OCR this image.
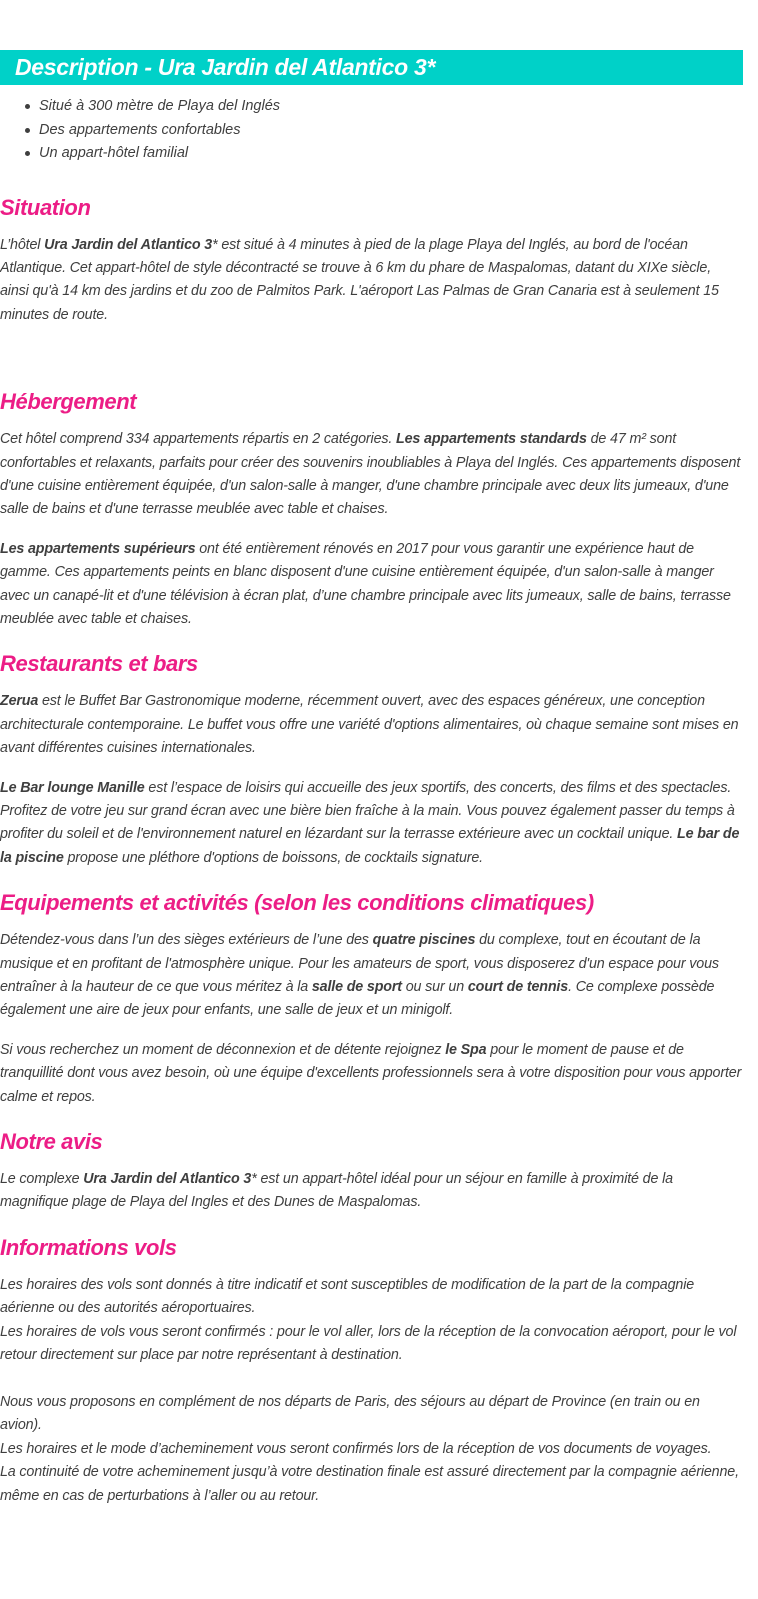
Description - Ura Jardin del Atlantico 3*
Situé à 300 mètre de Playa del Inglés
Des appartements confortables
Un appart-hôtel familial
Situation

L’hôtel Ura Jardin del Atlantico 3* est situé à 4 minutes à pied de la plage Playa del Inglés, au bord de l'océan Atlantique. Cet appart-hôtel de style décontracté se trouve à 6 km du phare de Maspalomas, datant du XIXe siècle, ainsi qu'à 14 km des jardins et du zoo de Palmitos Park. L'aéroport Las Palmas de Gran Canaria est à seulement 15 minutes de route.

Hébergement

Cet hôtel comprend 334 appartements répartis en 2 catégories. Les appartements standards de 47 m² sont confortables et relaxants, parfaits pour créer des souvenirs inoubliables à Playa del Inglés. Ces appartements disposent d'une cuisine entièrement équipée, d'un salon-salle à manger, d'une chambre principale avec deux lits jumeaux, d'une salle de bains et d'une terrasse meublée avec table et chaises.

Les appartements supérieurs ont été entièrement rénovés en 2017 pour vous garantir une expérience haut de gamme. Ces appartements peints en blanc disposent d'une cuisine entièrement équipée, d'un salon-salle à manger avec un canapé-lit et d'une télévision à écran plat, d’une chambre principale avec lits jumeaux, salle de bains, terrasse meublée avec table et chaises.

Restaurants et bars

Zerua est le Buffet Bar Gastronomique moderne, récemment ouvert, avec des espaces généreux, une conception architecturale contemporaine. Le buffet vous offre une variété d'options alimentaires, où chaque semaine sont mises en avant différentes cuisines internationales.

Le Bar lounge Manille est l’espace de loisirs qui accueille des jeux sportifs, des concerts, des films et des spectacles. Profitez de votre jeu sur grand écran avec une bière bien fraîche à la main. Vous pouvez également passer du temps à profiter du soleil et de l'environnement naturel en lézardant sur la terrasse extérieure avec un cocktail unique. Le bar de la piscine propose une pléthore d'options de boissons, de cocktails signature.

Equipements et activités (selon les conditions climatiques)

Détendez-vous dans l’un des sièges extérieurs de l’une des quatre piscines du complexe, tout en écoutant de la musique et en profitant de l'atmosphère unique. Pour les amateurs de sport, vous disposerez d'un espace pour vous entraîner à la hauteur de ce que vous méritez à la salle de sport ou sur un court de tennis. Ce complexe possède également une aire de jeux pour enfants, une salle de jeux et un minigolf.

Si vous recherchez un moment de déconnexion et de détente rejoignez le Spa pour le moment de pause et de tranquillité dont vous avez besoin, où une équipe d'excellents professionnels sera à votre disposition pour vous apporter calme et repos.

Notre avis

Le complexe Ura Jardin del Atlantico 3* est un appart-hôtel idéal pour un séjour en famille à proximité de la magnifique plage de Playa del Ingles et des Dunes de Maspalomas.

Informations vols

Les horaires des vols sont donnés à titre indicatif et sont susceptibles de modification de la part de la compagnie aérienne ou des autorités aéroportuaires.

Les horaires de vols vous seront confirmés : pour le vol aller, lors de la réception de la convocation aéroport, pour le vol retour directement sur place par notre représentant à destination.

Nous vous proposons en complément de nos départs de Paris, des séjours au départ de Province (en train ou en avion).

Les horaires et le mode d’acheminement vous seront confirmés lors de la réception de vos documents de voyages.

La continuité de votre acheminement jusqu’à votre destination finale est assuré directement par la compagnie aérienne, même en cas de perturbations à l’aller ou au retour.
